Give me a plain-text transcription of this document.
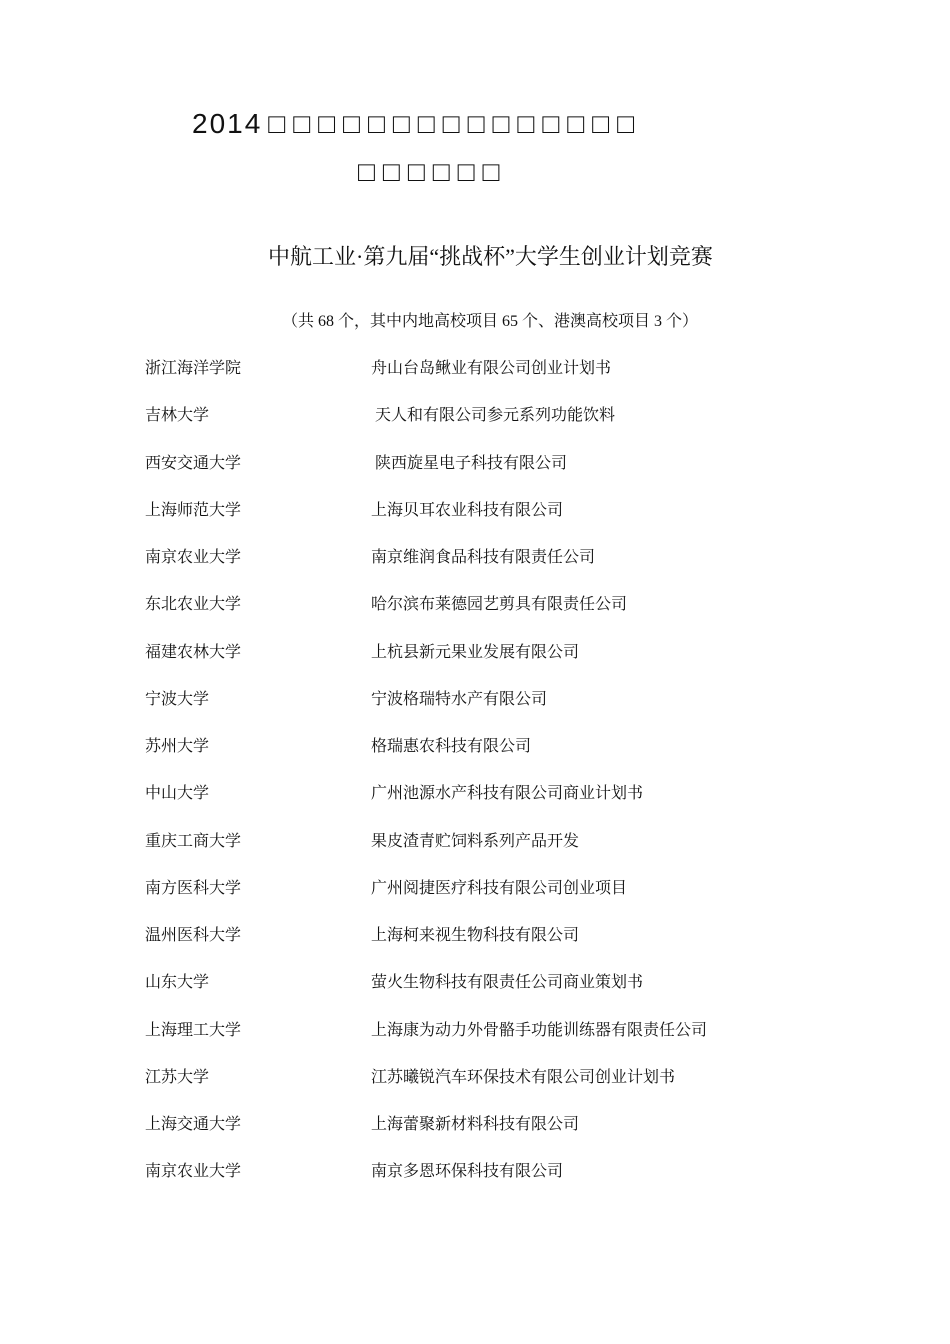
2014 □□□□□□□□□□□□□□□
□□□□□□
中航工业·第九届“挑战杯”大学生创业计划竞赛
（共 68 个，其中内地高校项目 65 个、港澳高校项目 3 个）
浙江海洋学院	舟山台岛鳅业有限公司创业计划书
吉林大学	天人和有限公司参元系列功能饮料
西安交通大学	陕西旋星电子科技有限公司
上海师范大学	上海贝耳农业科技有限公司
南京农业大学	南京维润食品科技有限责任公司
东北农业大学	哈尔滨布莱德园艺剪具有限责任公司
福建农林大学	上杭县新元果业发展有限公司
宁波大学	宁波格瑞特水产有限公司
苏州大学	格瑞惠农科技有限公司
中山大学	广州池源水产科技有限公司商业计划书
重庆工商大学	果皮渣青贮饲料系列产品开发
南方医科大学	广州阅捷医疗科技有限公司创业项目
温州医科大学	上海柯来视生物科技有限公司
山东大学	萤火生物科技有限责任公司商业策划书
上海理工大学	上海康为动力外骨骼手功能训练器有限责任公司
江苏大学	江苏曦锐汽车环保技术有限公司创业计划书
上海交通大学	上海蕾聚新材料科技有限公司
南京农业大学	南京多恩环保科技有限公司
